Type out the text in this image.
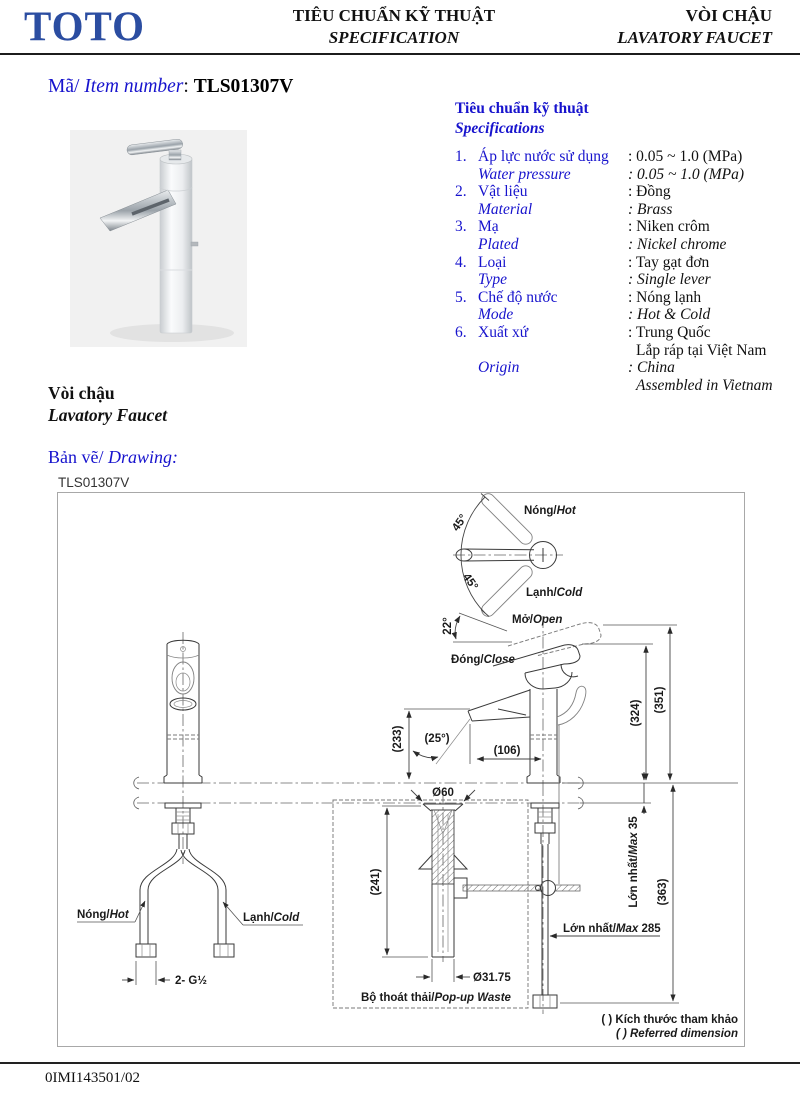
TOTO	TIÊU CHUẨN KỸ THUẬT
SPECIFICATION
VÒI CHẬU
LAVATORY FAUCET
Mã/ Item number: TLS01307V
Tiêu chuẩn kỹ thuật
Specifications
1. Áp lực nước sử dụng	: 0.05 ~ 1.0 (MPa)
Water pressure	: 0.05 ~ 1.0 (MPa)
2. Vật liệu	: Đồng
Material	: Brass
3. Mạ	: Niken crôm
Plated	: Nickel chrome
4. Loại	: Tay gạt đơn
Type	: Single lever
5. Chế độ nước	: Nóng lạnh
Mode	: Hot & Cold
6. Xuất xứ	: Trung Quốc
Lắp ráp tại Việt Nam
Origin	: China
Assembled in Vietnam
Vòi chậu
Lavatory Faucet
Bản vẽ/ Drawing:
TLS01307V
45°
45°
Nóng/Hot
Lạnh/Cold
22°	Mở/Open
Đóng/Close
Nóng/Hot	Lạnh/Cold
2- G½
Ø60
(241)
Ø31.75
Bộ thoát thải/Pop-up Waste
(233) (25°)
(106)
(324) (351)
Lớn nhất/Max 35
(363)
Lớn nhất/Max 285
( ) Kích thước tham khảo
( ) Referred dimension
0IMI143501/02
